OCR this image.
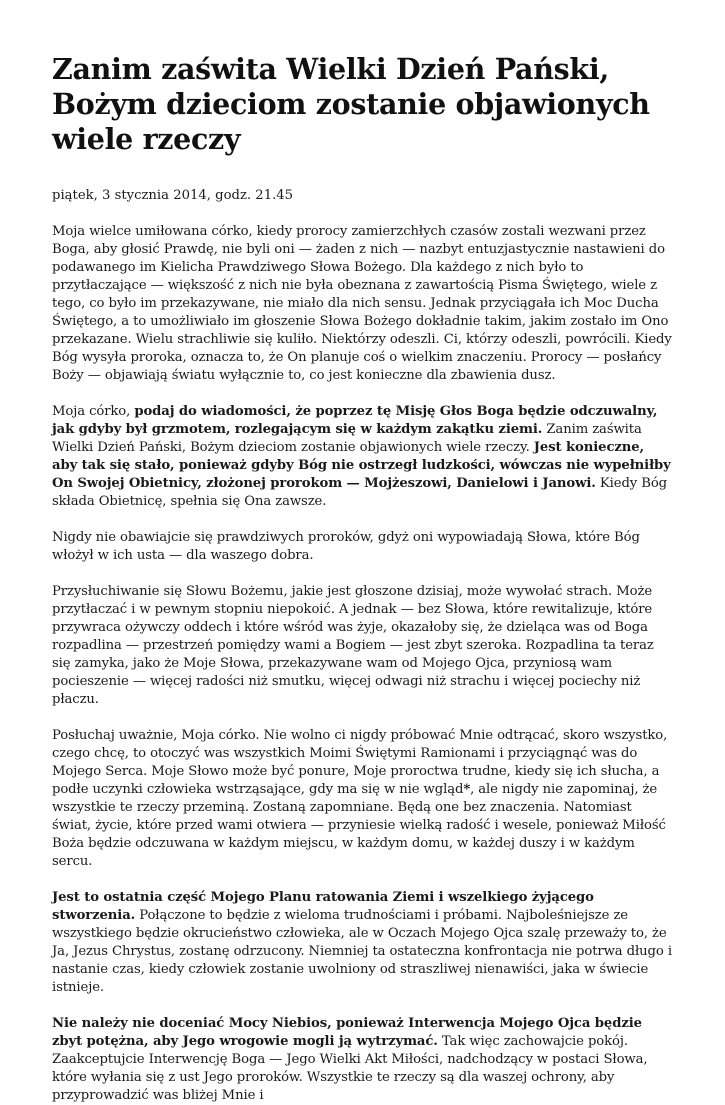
Zanim zaświta Wielki Dzień Pański, Bożym dzieciom zostanie objawionych wiele rzeczy
piątek, 3 stycznia 2014, godz. 21.45

Moja wielce umiłowana córko, kiedy prorocy zamierzchłych czasów zostali wezwani przez Boga, aby głosić Prawdę, nie byli oni — żaden z nich — nazbyt entuzjastycznie nastawieni do podawanego im Kielicha Prawdziwego Słowa Bożego. Dla każdego z nich było to przytłaczające — większość z nich nie była obeznana z zawartością Pisma Świętego, wiele z tego, co było im przekazywane, nie miało dla nich sensu. Jednak przyciągała ich Moc Ducha Świętego, a to umożliwiało im głoszenie Słowa Bożego dokładnie takim, jakim zostało im Ono przekazane. Wielu strachliwie się kuliło. Niektórzy odeszli. Ci, którzy odeszli, powrócili. Kiedy Bóg wysyła proroka, oznacza to, że On planuje coś o wielkim znaczeniu. Prorocy — posłańcy Boży — objawiają światu wyłącznie to, co jest konieczne dla zbawienia dusz.

Moja córko, podaj do wiadomości, że poprzez tę Misję Głos Boga będzie odczuwalny, jak gdyby był grzmotem, rozlegającym się w każdym zakątku ziemi. Zanim zaświta Wielki Dzień Pański, Bożym dzieciom zostanie objawionych wiele rzeczy. Jest konieczne, aby tak się stało, ponieważ gdyby Bóg nie ostrzegł ludzkości, wówczas nie wypełniłby On Swojej Obietnicy, złożonej prorokom — Mojżeszowi, Danielowi i Janowi. Kiedy Bóg składa Obietnicę, spełnia się Ona zawsze.

Nigdy nie obawiajcie się prawdziwych proroków, gdyż oni wypowiadają Słowa, które Bóg włożył w ich usta — dla waszego dobra.

Przysłuchiwanie się Słowu Bożemu, jakie jest głoszone dzisiaj, może wywołać strach. Może przytłaczać i w pewnym stopniu niepokoić. A jednak — bez Słowa, które rewitalizuje, które przywraca ożywczy oddech i które wśród was żyje, okazałoby się, że dzieląca was od Boga rozpadlina — przestrzeń pomiędzy wami a Bogiem — jest zbyt szeroka. Rozpadlina ta teraz się zamyka, jako że Moje Słowa, przekazywane wam od Mojego Ojca, przyniosą wam pocieszenie — więcej radości niż smutku, więcej odwagi niż strachu i więcej pociechy niż płaczu.

Posłuchaj uważnie, Moja córko. Nie wolno ci nigdy próbować Mnie odtrącać, skoro wszystko, czego chcę, to otoczyć was wszystkich Moimi Świętymi Ramionami i przyciągnąć was do Mojego Serca. Moje Słowo może być ponure, Moje proroctwa trudne, kiedy się ich słucha, a podłe uczynki człowieka wstrząsające, gdy ma się w nie wgląd*, ale nigdy nie zapominaj, że wszystkie te rzeczy przeminą. Zostaną zapomniane. Będą one bez znaczenia. Natomiast świat, życie, które przed wami otwiera — przyniesie wielką radość i wesele, ponieważ Miłość Boża będzie odczuwana w każdym miejscu, w każdym domu, w każdej duszy i w każdym sercu.

Jest to ostatnia część Mojego Planu ratowania Ziemi i wszelkiego żyjącego stworzenia. Połączone to będzie z wieloma trudnościami i próbami. Najboleśniejsze ze wszystkiego będzie okrucieństwo człowieka, ale w Oczach Mojego Ojca szalę przeważy to, że Ja, Jezus Chrystus, zostanę odrzucony. Niemniej ta ostateczna konfrontacja nie potrwa długo i nastanie czas, kiedy człowiek zostanie uwolniony od straszliwej nienawiści, jaka w świecie istnieje.

Nie należy nie doceniać Mocy Niebios, ponieważ Interwencja Mojego Ojca będzie zbyt potężna, aby Jego wrogowie mogli ją wytrzymać. Tak więc zachowajcie pokój. Zaakceptujcie Interwencję Boga — Jego Wielki Akt Miłości, nadchodzący w postaci Słowa, które wyłania się z ust Jego proroków. Wszystkie te rzeczy są dla waszej ochrony, aby przyprowadzić was bliżej Mnie i
